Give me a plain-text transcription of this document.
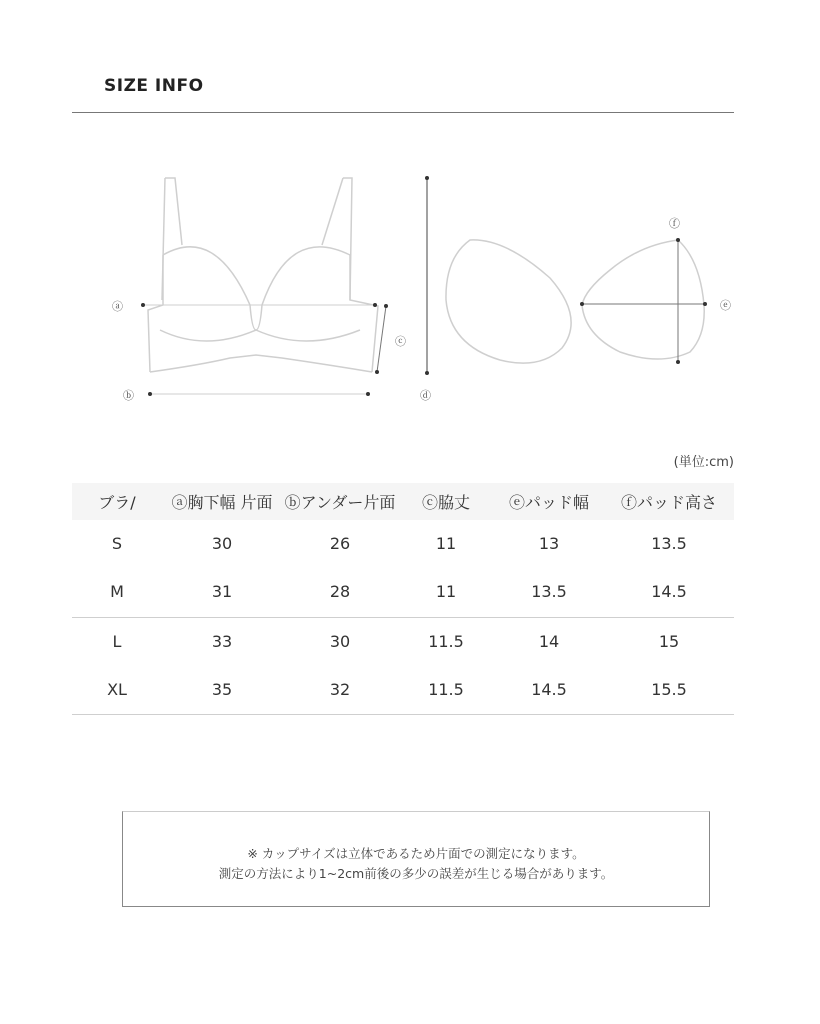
SIZE INFO
ⓐ
ⓑ
ⓒ
ⓓ
ⓔ
ⓕ
(単位:cm)
ブラ/	ⓐ胸下幅 片面	ⓑアンダー片面	ⓒ脇丈	ⓔパッド幅	ⓕパッド高さ
S	30	26	11	13	13.5
M	31	28	11	13.5	14.5
L	33	30	11.5	14	15
XL	35	32	11.5	14.5	15.5
※ カップサイズは立体であるため片面での測定になります。
測定の方法により1~2cm前後の多少の誤差が生じる場合があります。
